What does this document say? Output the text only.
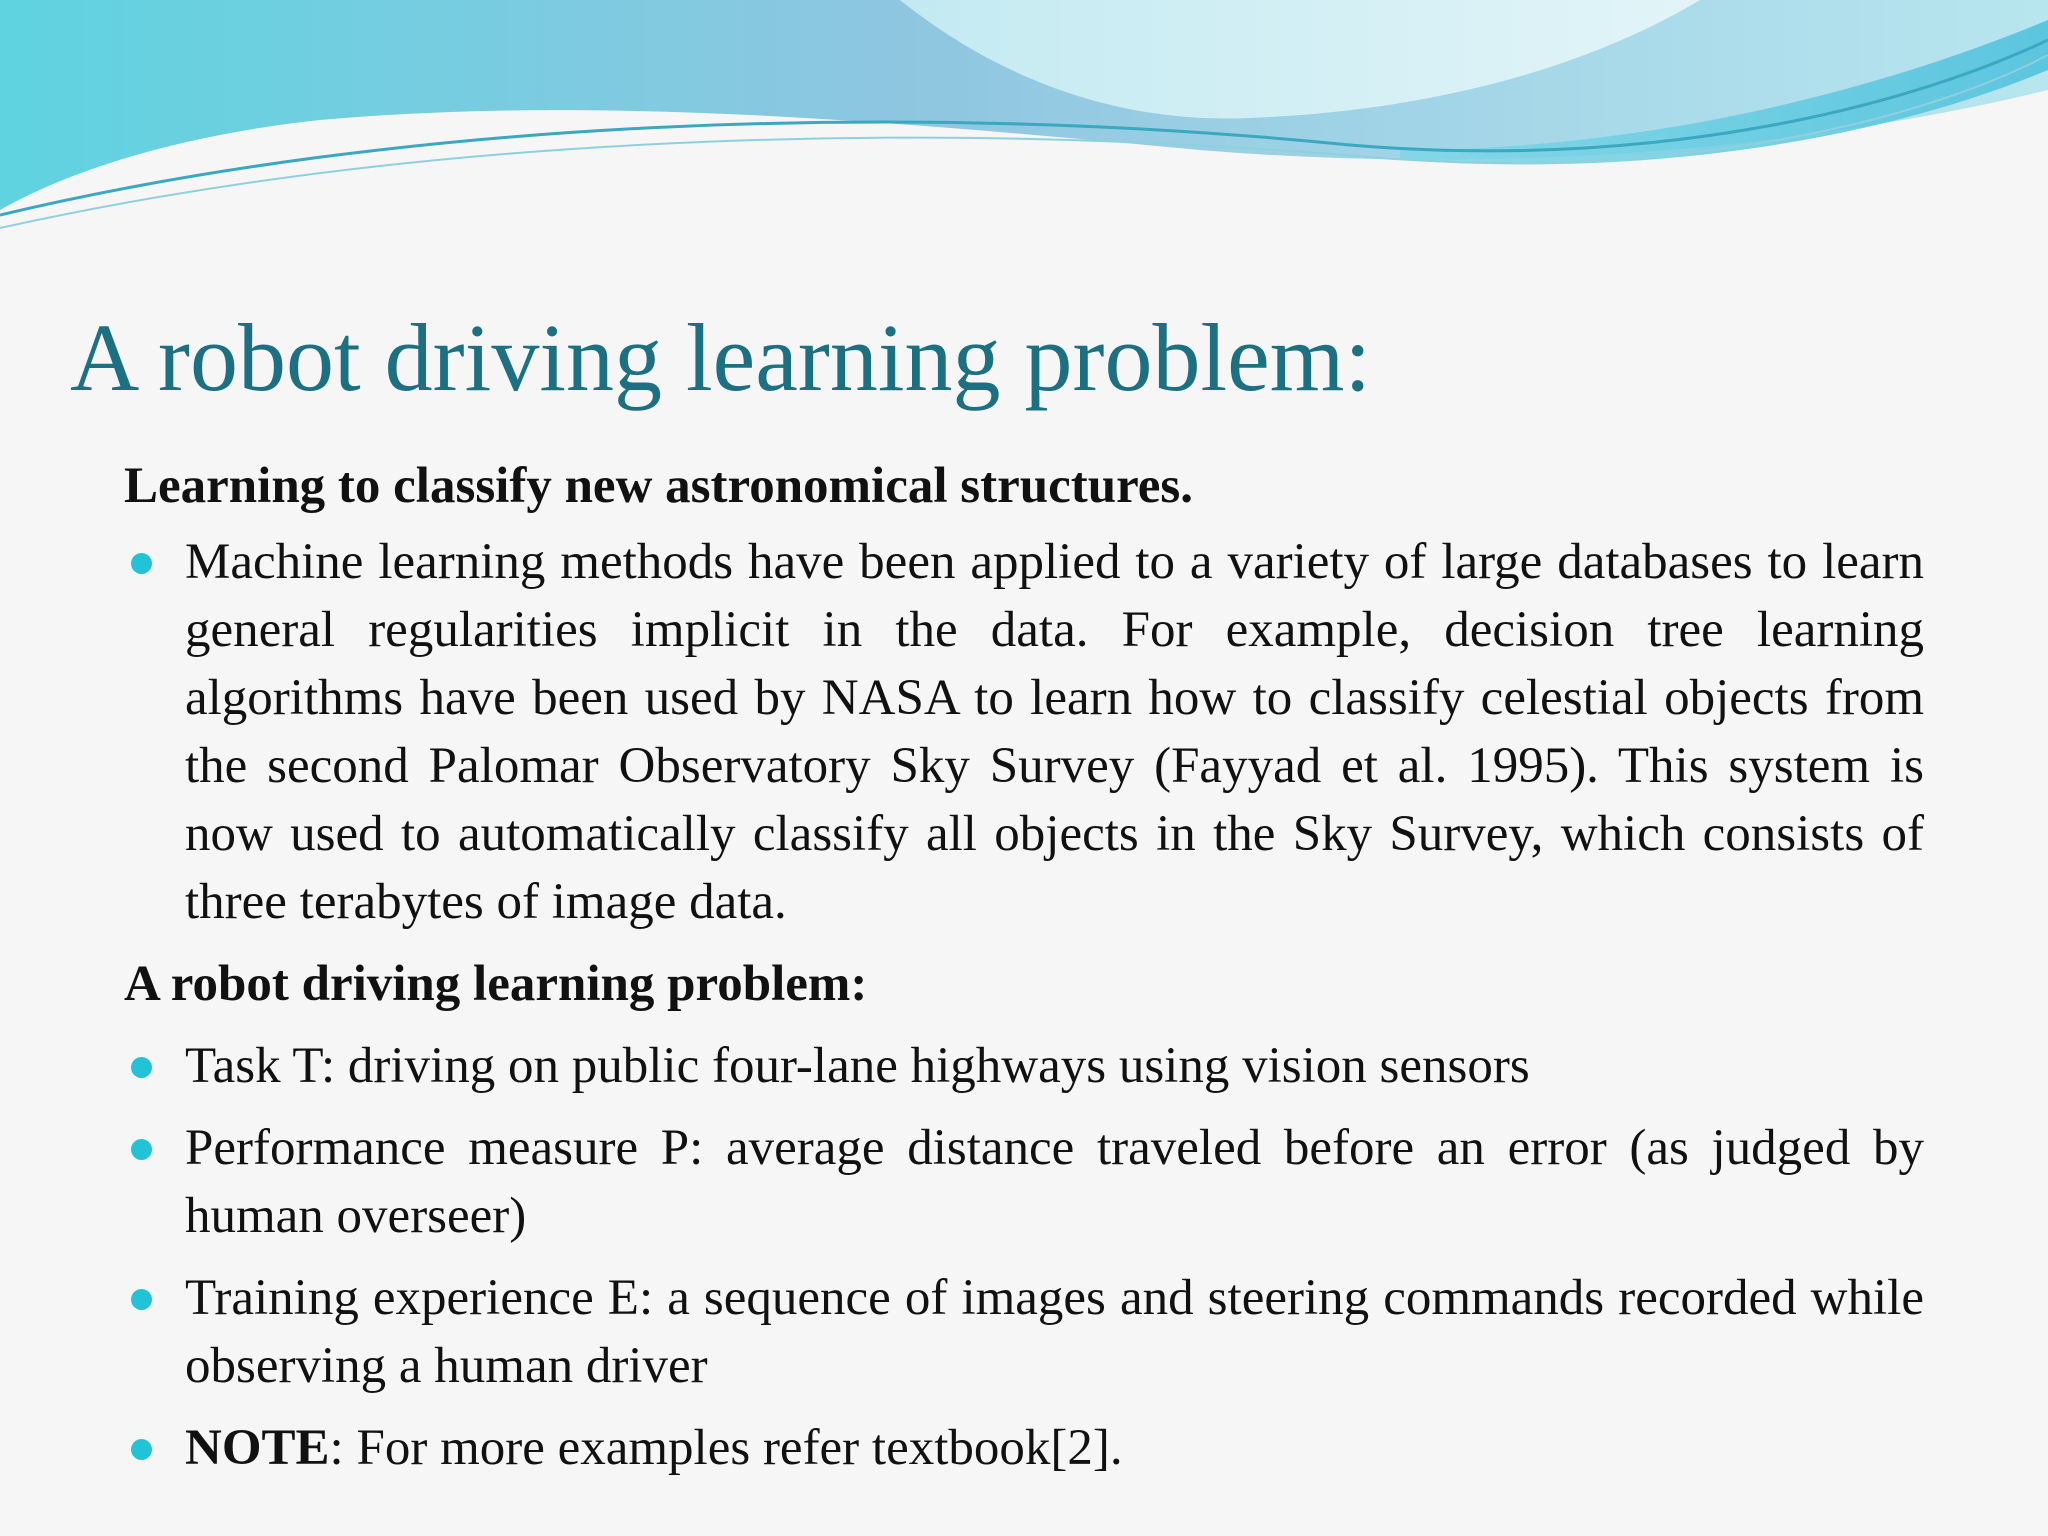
A robot driving learning problem:

Learning to classify new astronomical structures.

Machine learning methods have been applied to a variety of large databases to learn general regularities implicit in the data. For example, decision tree learning algorithms have been used by NASA to learn how to classify celestial objects from the second Palomar Observatory Sky Survey (Fayyad et al. 1995). This system is now used to automatically classify all objects in the Sky Survey, which consists of three terabytes of image data.

A robot driving learning problem:

Task T: driving on public four-lane highways using vision sensors
Performance measure P: average distance traveled before an error (as judged by human overseer)
Training experience E: a sequence of images and steering commands recorded while observing a human driver
NOTE: For more examples refer textbook[2].
